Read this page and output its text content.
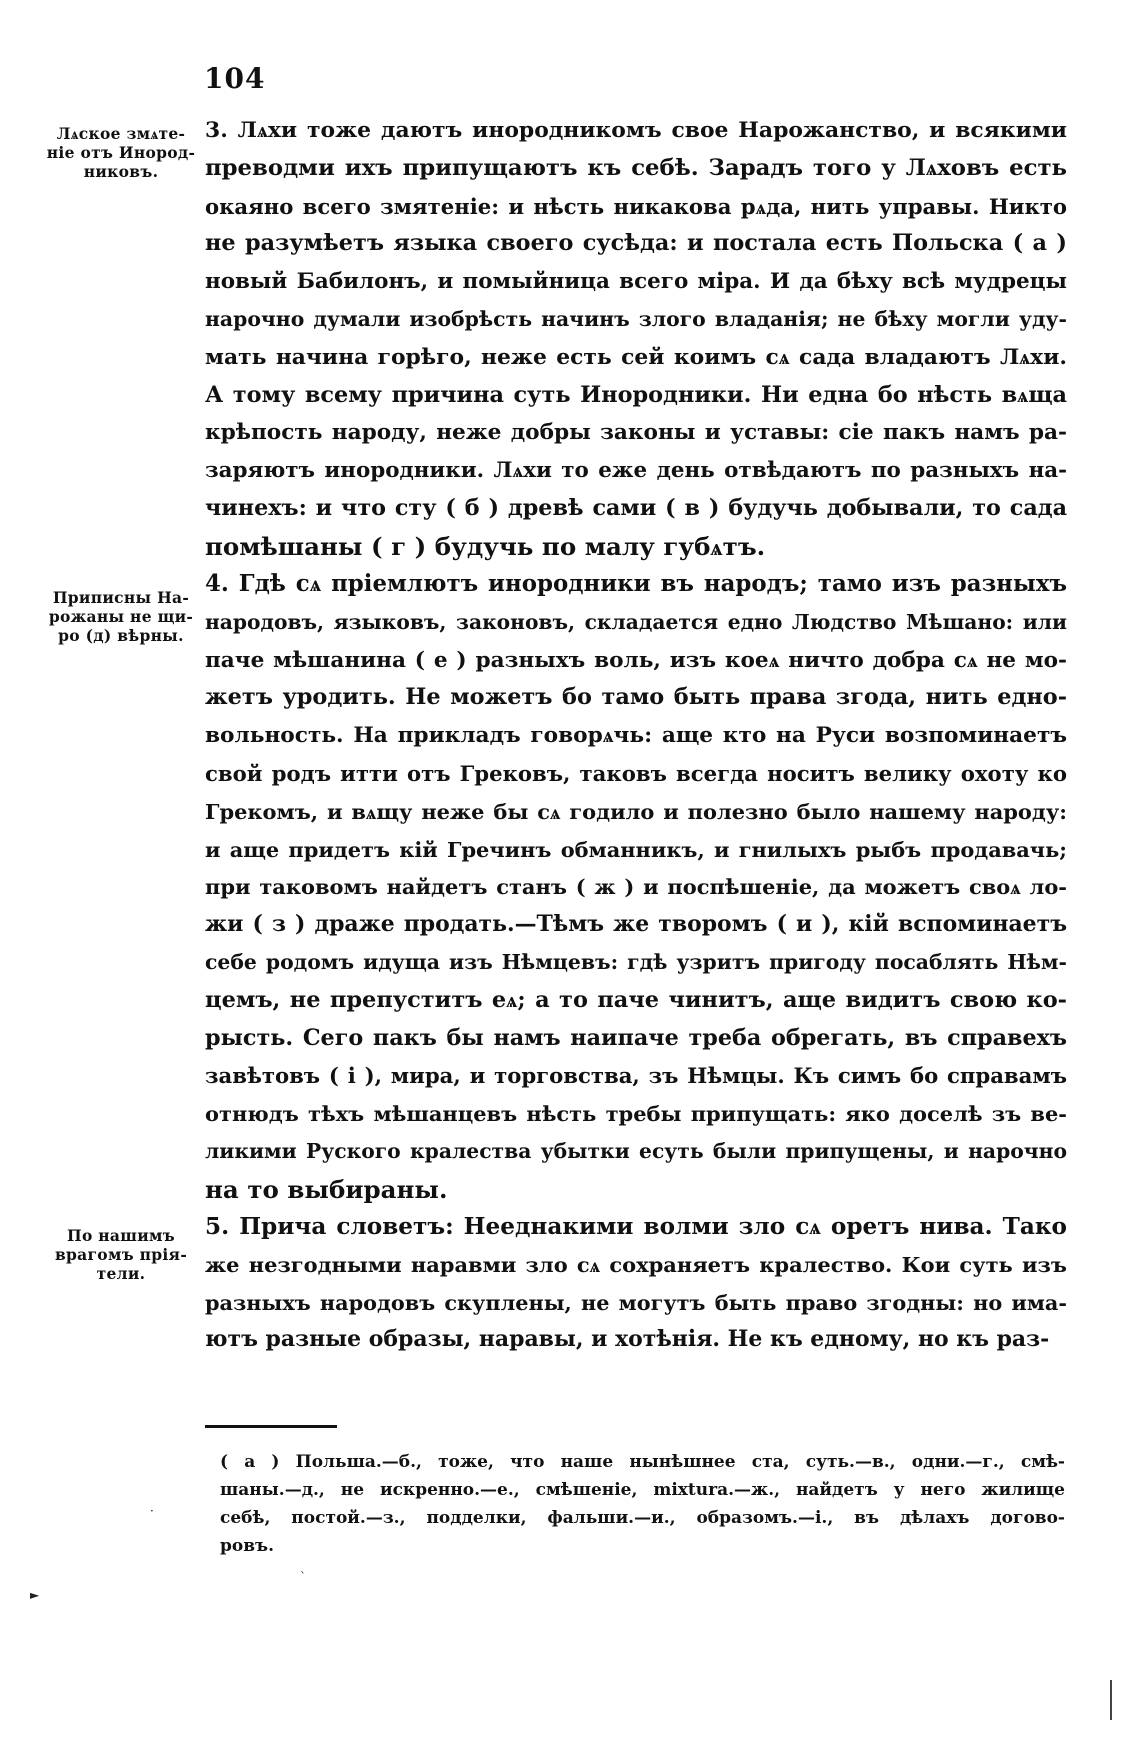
104
Лѧское змѧте-
ніе отъ Инород-
никовъ.
Приписны На-
рожаны не щи-
ро (д) вѣрны.
По нашимъ
врагомъ прія-
тели.
3. Лѧхи тоже даютъ инородникомъ свое Нарожанство, и всякими
преводми ихъ припущаютъ къ себѣ. Зарадъ того у Лѧховъ есть
окаяно всего змятеніе: и нѣсть никакова рѧда, нить управы. Никто
не разумѣетъ языка своего сусѣда: и постала есть Польска ( а )
новый Бабилонъ, и помыйница всего міра. И да бѣху всѣ мудрецы
нарочно думали изобрѣсть начинъ злого владанія; не бѣху могли уду-
мать начина горѣго, неже есть сей коимъ сѧ сада владаютъ Лѧхи.
А тому всему причина суть Инородники. Ни една бо нѣсть вѧща
крѣпость народу, неже добры законы и уставы: сіе пакъ намъ ра-
заряютъ инородники. Лѧхи то еже день отвѣдаютъ по разныхъ на-
чинехъ: и что сту ( б ) древѣ сами ( в ) будучь добывали, то сада
помѣшаны ( г ) будучь по малу губѧтъ.
4. Гдѣ сѧ пріемлютъ инородники въ народъ; тамо изъ разныхъ
народовъ, языковъ, законовъ, складается едно Людство Мѣшано: или
паче мѣшанина ( е ) разныхъ воль, изъ коеѧ ничто добра сѧ не мо-
жетъ уродить. Не можетъ бо тамо быть права згода, нить едно-
вольность. На прикладъ говорѧчь: аще кто на Руси возпоминаетъ
свой родъ итти отъ Грековъ, таковъ всегда носитъ велику охоту ко
Грекомъ, и вѧщу неже бы сѧ годило и полезно было нашему народу:
и аще придетъ кій Гречинъ обманникъ, и гнилыхъ рыбъ продавачь;
при таковомъ найдетъ станъ ( ж ) и поспѣшеніе, да можетъ своѧ ло-
жи ( з ) драже продать.—Тѣмъ же творомъ ( и ), кій вспоминаетъ
себе родомъ идуща изъ Нѣмцевъ: гдѣ узритъ пригоду посаблять Нѣм-
цемъ, не препуститъ еѧ; а то паче чинитъ, аще видитъ свою ко-
рысть. Сего пакъ бы намъ наипаче треба обрегать, въ справехъ
завѣтовъ ( і ), мира, и торговства, зъ Нѣмцы. Къ симъ бо справамъ
отнюдъ тѣхъ мѣшанцевъ нѣсть требы припущать: яко доселѣ зъ ве-
ликими Руского кралества убытки есуть были припущены, и нарочно
на то выбираны.
5. Прича словетъ: Нееднакими волми зло сѧ оретъ нива. Тако
же незгодными наравми зло сѧ сохраняетъ кралество. Кои суть изъ
разныхъ народовъ скуплены, не могутъ быть право згодны: но има-
ютъ разные образы, наравы, и хотѣнія. Не къ едному, но къ раз-
( а ) Польша.—б., тоже, что наше нынѣшнее ста, суть.—в., одни.—г., смѣ-
шаны.—д., не искренно.—е., смѣшеніе, mixtura.—ж., найдетъ у него жилище
себѣ, постой.—з., подделки, фальши.—и., образомъ.—і., въ дѣлахъ догово-
ровъ.
·
►
ˋ
